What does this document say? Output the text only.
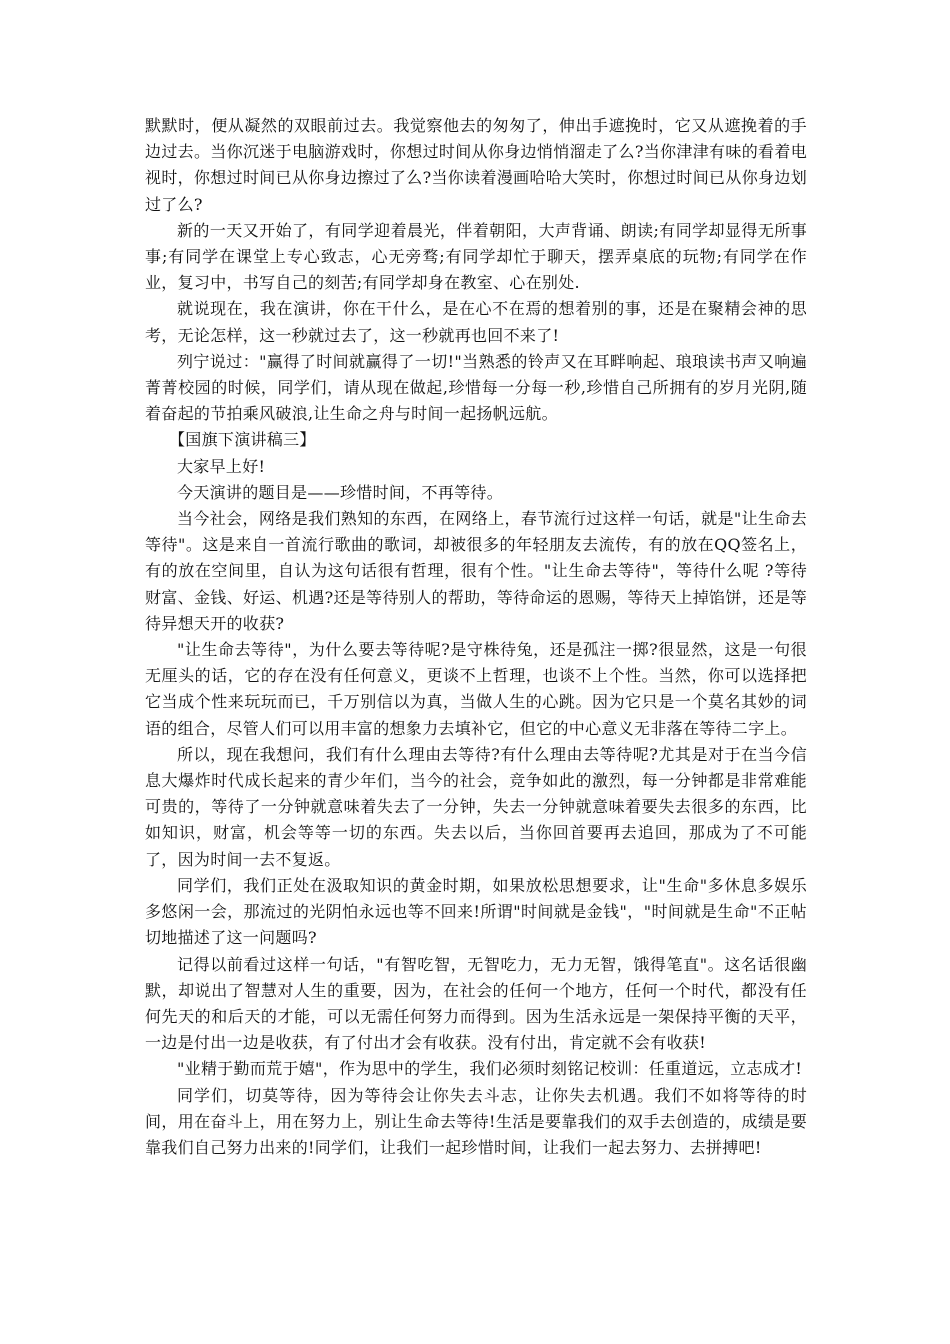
默默时，便从凝然的双眼前过去。我觉察他去的匆匆了，伸出手遮挽时，它又从遮挽着的手边过去。当你沉迷于电脑游戏时，你想过时间从你身边悄悄溜走了么?当你津津有味的看着电视时，你想过时间已从你身边擦过了么?当你读着漫画哈哈大笑时，你想过时间已从你身边划过了么?

新的一天又开始了，有同学迎着晨光，伴着朝阳，大声背诵、朗读;有同学却显得无所事事;有同学在课堂上专心致志，心无旁骛;有同学却忙于聊天，摆弄桌底的玩物;有同学在作业，复习中，书写自己的刻苦;有同学却身在教室、心在别处.

就说现在，我在演讲，你在干什么，是在心不在焉的想着别的事，还是在聚精会神的思考，无论怎样，这一秒就过去了，这一秒就再也回不来了!

列宁说过："赢得了时间就赢得了一切!"当熟悉的铃声又在耳畔响起、琅琅读书声又响遍菁菁校园的时候，同学们，请从现在做起,珍惜每一分每一秒,珍惜自己所拥有的岁月光阴,随着奋起的节拍乘风破浪,让生命之舟与时间一起扬帆远航。

【国旗下演讲稿三】

大家早上好!

今天演讲的题目是——珍惜时间，不再等待。

当今社会，网络是我们熟知的东西，在网络上，春节流行过这样一句话，就是"让生命去等待"。这是来自一首流行歌曲的歌词，却被很多的年轻朋友去流传，有的放在QQ签名上，有的放在空间里，自认为这句话很有哲理，很有个性。"让生命去等待"，等待什么呢 ?等待财富、金钱、好运、机遇?还是等待别人的帮助，等待命运的恩赐，等待天上掉馅饼，还是等待异想天开的收获?

"让生命去等待"，为什么要去等待呢?是守株待兔，还是孤注一掷?很显然，这是一句很无厘头的话，它的存在没有任何意义，更谈不上哲理，也谈不上个性。当然，你可以选择把它当成个性来玩玩而已，千万别信以为真，当做人生的心跳。因为它只是一个莫名其妙的词语的组合，尽管人们可以用丰富的想象力去填补它，但它的中心意义无非落在等待二字上。

所以，现在我想问，我们有什么理由去等待?有什么理由去等待呢?尤其是对于在当今信息大爆炸时代成长起来的青少年们，当今的社会，竞争如此的激烈，每一分钟都是非常难能可贵的，等待了一分钟就意味着失去了一分钟，失去一分钟就意味着要失去很多的东西，比如知识，财富，机会等等一切的东西。失去以后，当你回首要再去追回，那成为了不可能了，因为时间一去不复返。

同学们，我们正处在汲取知识的黄金时期，如果放松思想要求，让"生命"多休息多娱乐多悠闲一会，那流过的光阴怕永远也等不回来!所谓"时间就是金钱"，"时间就是生命"不正帖切地描述了这一问题吗?

记得以前看过这样一句话，"有智吃智，无智吃力，无力无智，饿得笔直"。这名话很幽默，却说出了智慧对人生的重要，因为，在社会的任何一个地方，任何一个时代，都没有任何先天的和后天的才能，可以无需任何努力而得到。因为生活永远是一架保持平衡的天平，一边是付出一边是收获，有了付出才会有收获。没有付出，肯定就不会有收获!

"业精于勤而荒于嬉"，作为思中的学生，我们必须时刻铭记校训：任重道远，立志成才!

同学们，切莫等待，因为等待会让你失去斗志，让你失去机遇。我们不如将等待的时间，用在奋斗上，用在努力上，别让生命去等待!生活是要靠我们的双手去创造的，成绩是要靠我们自己努力出来的!同学们，让我们一起珍惜时间，让我们一起去努力、去拼搏吧!
